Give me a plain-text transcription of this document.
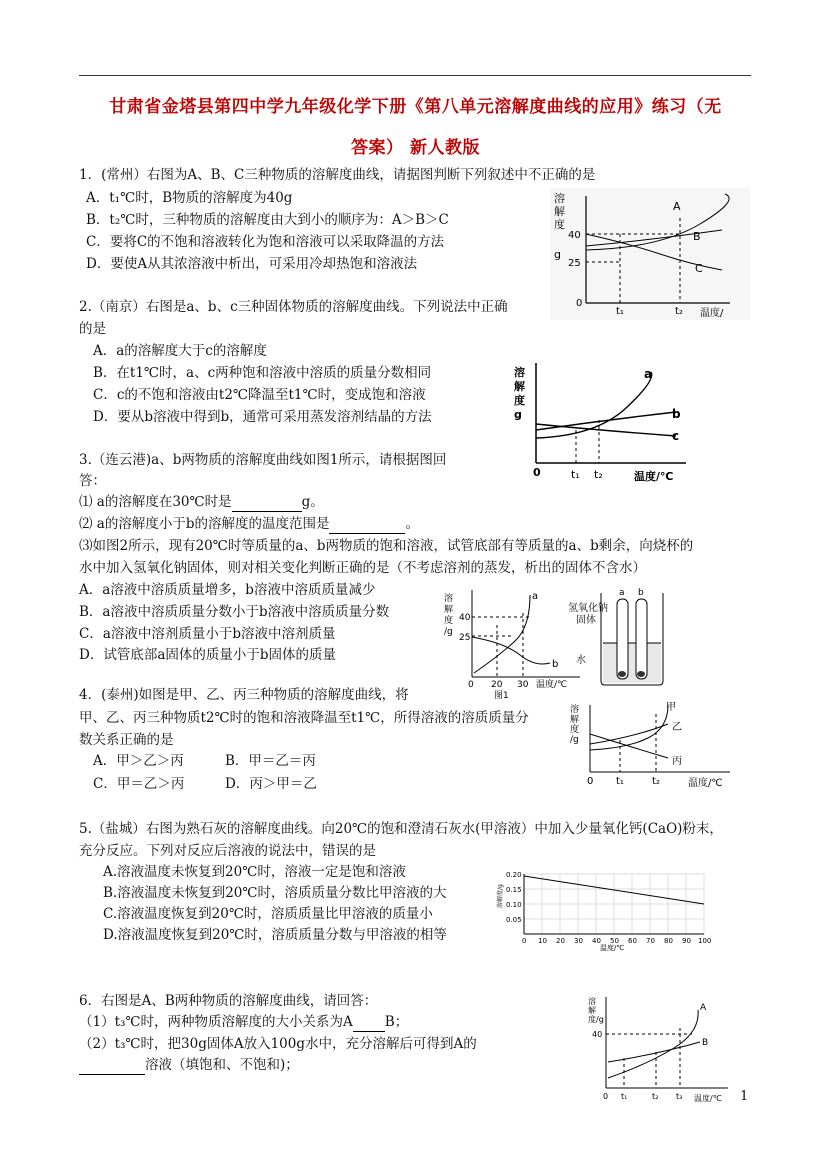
甘肃省金塔县第四中学九年级化学下册《第八单元溶解度曲线的应用》练习（无
答案） 新人教版
1．(常州）右图为A、B、C三种物质的溶解度曲线，请据图判断下列叙述中不正确的是
A．t₁℃时，B物质的溶解度为40g
B．t₂℃时，三种物质的溶解度由大到小的顺序为：A＞B＞C
C．要将C的不饱和溶液转化为饱和溶液可以采取降温的方法
D．要使A从其浓溶液中析出，可采用冷却热饱和溶液法
溶
解
度
g
40
25
0
t₁	t₂ 温度/
A
B
C
2.（南京）右图是a、b、c三种固体物质的溶解度曲线。下列说法中正确
的是
A．a的溶解度大于c的溶解度
B．在t1℃时，a、c两种饱和溶液中溶质的质量分数相同
C．c的不饱和溶液由t2℃降温至t1℃时，变成饱和溶液
D．要从b溶液中得到b，通常可采用蒸发溶剂结晶的方法
溶
解
度
g
a
b
c
0	t₁ t₂	温度/℃
3.（连云港)a、b两物质的溶解度曲线如图1所示，请根据图回
答：
⑴ a的溶解度在30℃时是	g。
⑵ a的溶解度小于b的溶解度的温度范围是	。
⑶如图2所示，现有20℃时等质量的a、b两物质的饱和溶液，试管底部有等质量的a、b剩余，向烧杯的
水中加入氢氧化钠固体，则对相关变化判断正确的是（不考虑溶剂的蒸发，析出的固体不含水）
A．a溶液中溶质质量增多，b溶液中溶质质量减少
B．a溶液中溶质质量分数小于b溶液中溶质质量分数
C．a溶液中溶剂质量小于b溶液中溶剂质量
D．试管底部a固体的质量小于b固体的质量
溶
解
度
/g
40
25
0 20 30 温度/℃
a
b
图1
a b
氢氧化钠
固体
水
4．(泰州)如图是甲、乙、丙三种物质的溶解度曲线，将
甲、乙、丙三种物质t2℃时的饱和溶液降温至t1℃，所得溶液的溶质质量分
数关系正确的是
A．甲＞乙＞丙	B．甲＝乙＝丙
C．甲＝乙＞丙	D．丙＞甲＝乙
溶
解
度
/g
甲
乙
丙
0 t₁	t₂	温度/℃
5.（盐城）右图为熟石灰的溶解度曲线。向20℃的饱和澄清石灰水(甲溶液）中加入少量氧化钙(CaO)粉末，
充分反应。下列对反应后溶液的说法中，错误的是
A.溶液温度未恢复到20℃时，溶液一定是饱和溶液
B.溶液温度未恢复到20℃时，溶质质量分数比甲溶液的大
C.溶液温度恢复到20℃时，溶质质量比甲溶液的质量小
D.溶液温度恢复到20℃时，溶质质量分数与甲溶液的相等
溶解度/g
0.20
0.15
0.10
0.05
0 10 20 30 40 50 60 70 80 90 100
温度/℃
6．右图是A、B两种物质的溶解度曲线，请回答：
（1）t₃℃时，两种物质溶解度的大小关系为A B；
（2）t₃℃时，把30g固体A放入100g水中，充分溶解后可得到A的
溶液（填饱和、不饱和)；
溶
解
度/g
40
0 t₁	t₂ t₃ 温度/℃
A
B
1
